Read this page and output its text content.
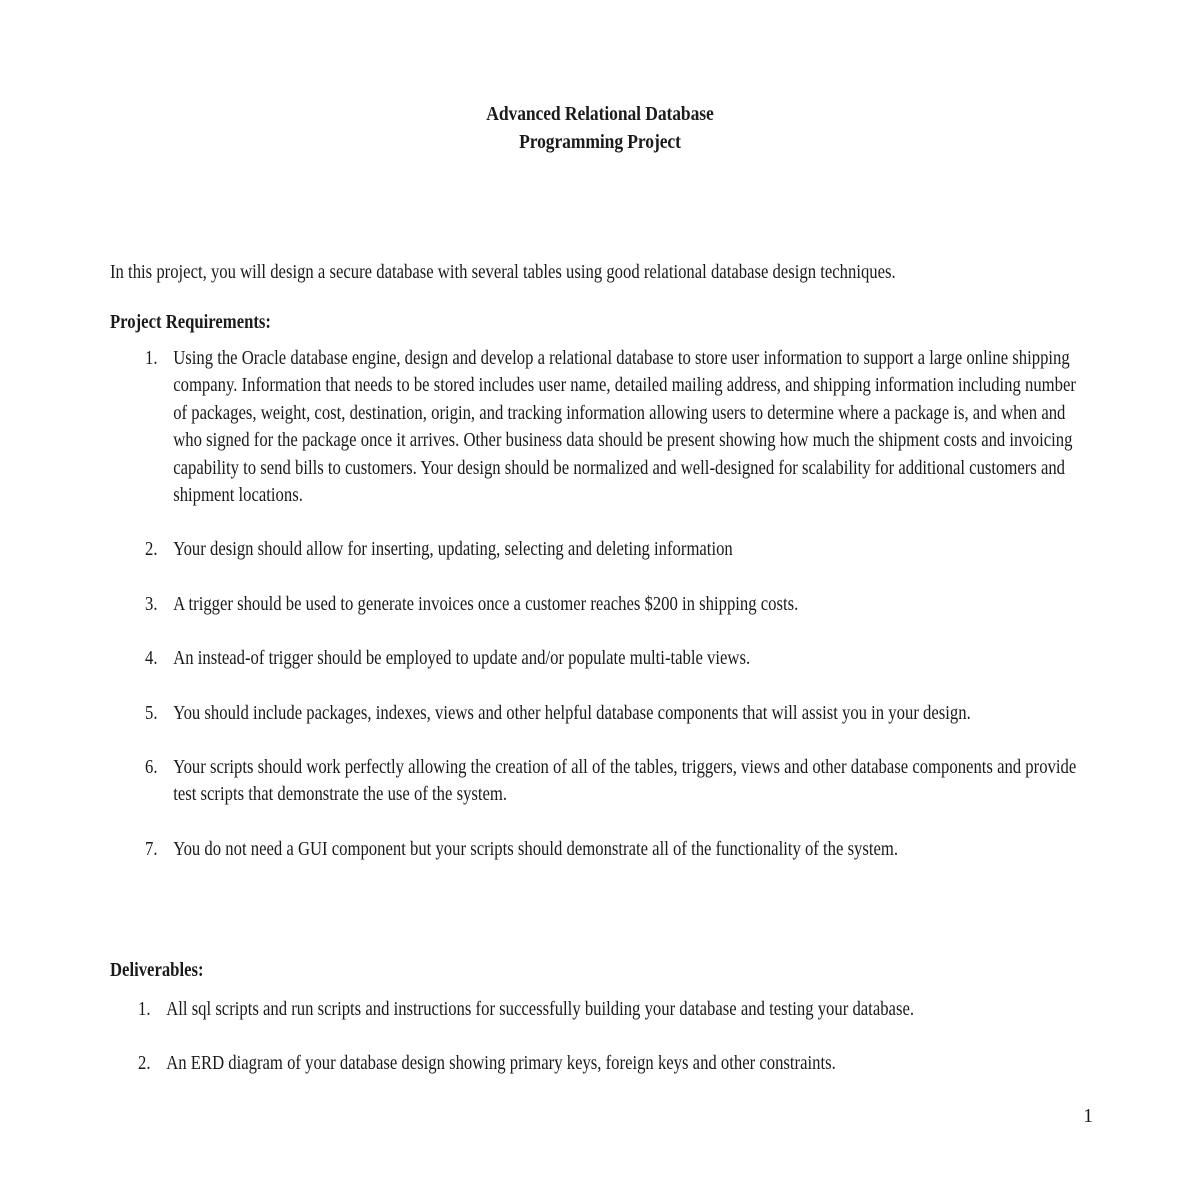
Advanced Relational Database
Programming Project

In this project, you will design a secure database with several tables using good relational database design techniques.

Project Requirements:
1. Using the Oracle database engine, design and develop a relational database to store user information to support a large online shipping company. Information that needs to be stored includes user name, detailed mailing address, and shipping information including number of packages, weight, cost, destination, origin, and tracking information allowing users to determine where a package is, and when and who signed for the package once it arrives. Other business data should be present showing how much the shipment costs and invoicing capability to send bills to customers. Your design should be normalized and well-designed for scalability for additional customers and shipment locations.
2. Your design should allow for inserting, updating, selecting and deleting information
3. A trigger should be used to generate invoices once a customer reaches $200 in shipping costs.
4. An instead-of trigger should be employed to update and/or populate multi-table views.
5. You should include packages, indexes, views and other helpful database components that will assist you in your design.
6. Your scripts should work perfectly allowing the creation of all of the tables, triggers, views and other database components and provide test scripts that demonstrate the use of the system.
7. You do not need a GUI component but your scripts should demonstrate all of the functionality of the system.
Deliverables:
1. All sql scripts and run scripts and instructions for successfully building your database and testing your database.
2. An ERD diagram of your database design showing primary keys, foreign keys and other constraints.
1
